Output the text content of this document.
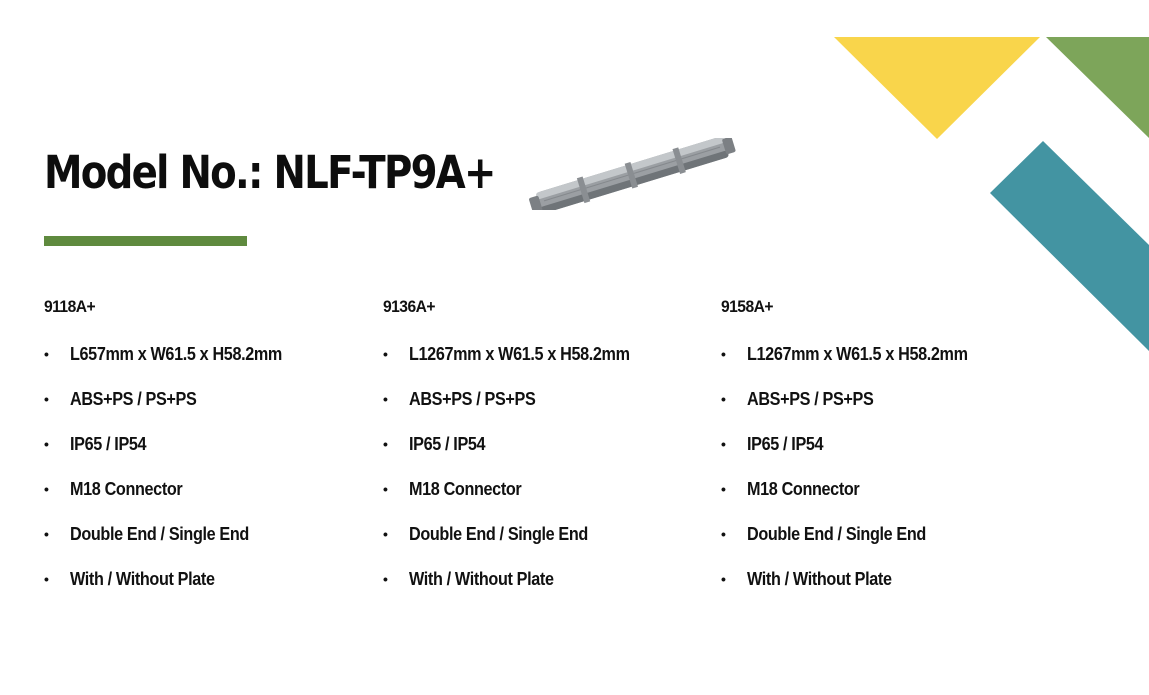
Model No.: NLF-TP9A+
9118A+
• L657mm x W61.5 x H58.2mm
• ABS+PS / PS+PS
• IP65 / IP54
• M18 Connector
• Double End / Single End
• With / Without Plate
9136A+
• L1267mm x W61.5 x H58.2mm
• ABS+PS / PS+PS
• IP65 / IP54
• M18 Connector
• Double End / Single End
• With / Without Plate
9158A+
• L1267mm x W61.5 x H58.2mm
• ABS+PS / PS+PS
• IP65 / IP54
• M18 Connector
• Double End / Single End
• With / Without Plate
